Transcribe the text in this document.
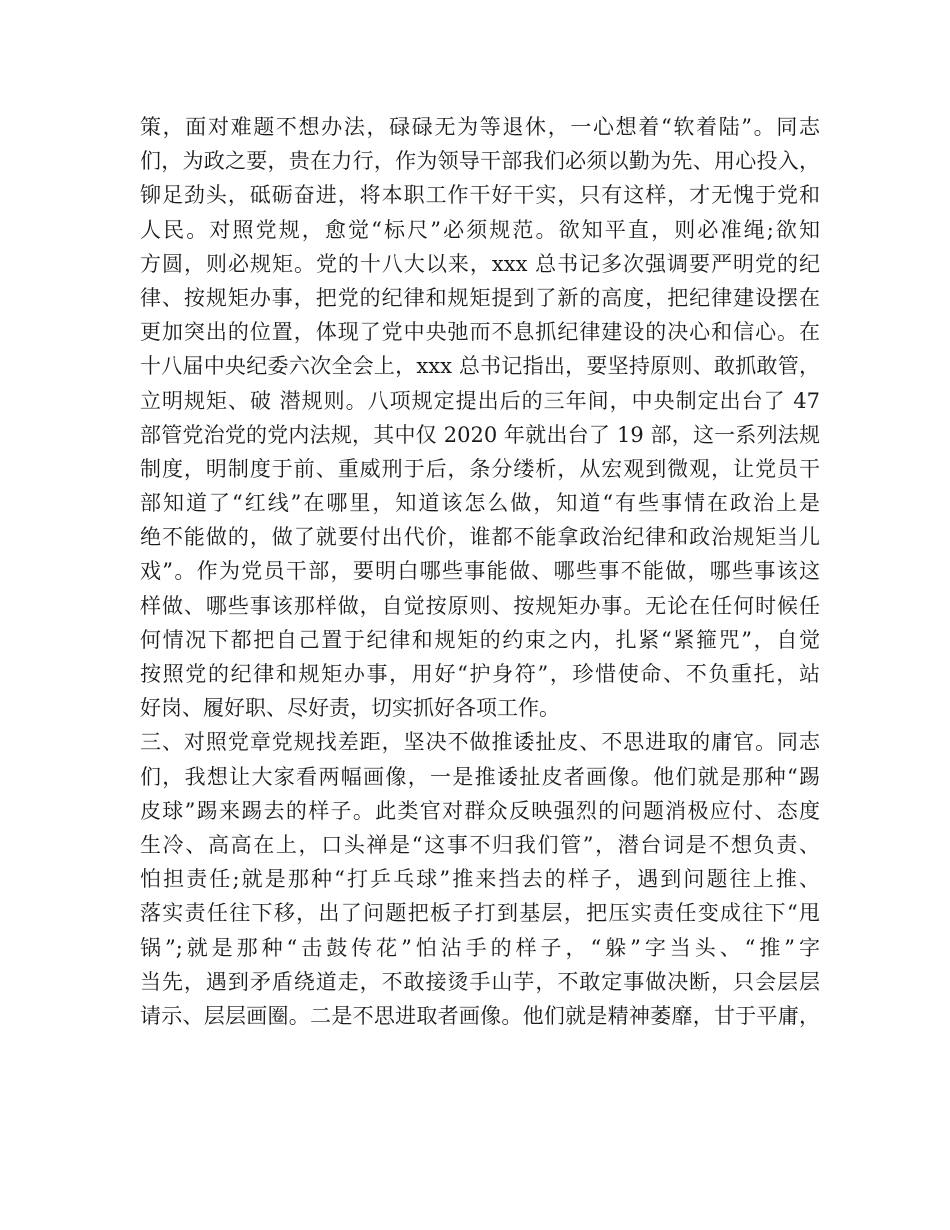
策，面对难题不想办法，碌碌无为等退休，一心想着“软着陆”。同志
们，为政之要，贵在力行，作为领导干部我们必须以勤为先、用心投入，
铆足劲头，砥砺奋进，将本职工作干好干实，只有这样，才无愧于党和
人民。对照党规，愈觉“标尺”必须规范。欲知平直，则必准绳;欲知
方圆，则必规矩。党的十八大以来，xxx 总书记多次强调要严明党的纪
律、按规矩办事，把党的纪律和规矩提到了新的高度，把纪律建设摆在
更加突出的位置，体现了党中央弛而不息抓纪律建设的决心和信心。在
十八届中央纪委六次全会上，xxx 总书记指出，要坚持原则、敢抓敢管，
立明规矩、破 潜规则。八项规定提出后的三年间，中央制定出台了 47
部管党治党的党内法规，其中仅 2020 年就出台了 19 部，这一系列法规
制度，明制度于前、重威刑于后，条分缕析，从宏观到微观，让党员干
部知道了“红线”在哪里，知道该怎么做，知道“有些事情在政治上是
绝不能做的，做了就要付出代价，谁都不能拿政治纪律和政治规矩当儿
戏”。作为党员干部，要明白哪些事能做、哪些事不能做，哪些事该这
样做、哪些事该那样做，自觉按原则、按规矩办事。无论在任何时候任
何情况下都把自己置于纪律和规矩的约束之内，扎紧“紧箍咒”，自觉
按照党的纪律和规矩办事，用好“护身符”，珍惜使命、不负重托，站
好岗、履好职、尽好责，切实抓好各项工作。
三、对照党章党规找差距，坚决不做推诿扯皮、不思进取的庸官。同志
们，我想让大家看两幅画像，一是推诿扯皮者画像。他们就是那种“踢
皮球”踢来踢去的样子。此类官对群众反映强烈的问题消极应付、态度
生冷、高高在上，口头禅是“这事不归我们管”，潜台词是不想负责、
怕担责任;就是那种“打乒乓球”推来挡去的样子，遇到问题往上推、
落实责任往下移，出了问题把板子打到基层，把压实责任变成往下“甩
锅”;就是那种“击鼓传花”怕沾手的样子，“躲”字当头、“推”字
当先，遇到矛盾绕道走，不敢接烫手山芋，不敢定事做决断，只会层层
请示、层层画圈。二是不思进取者画像。他们就是精神萎靡，甘于平庸，
